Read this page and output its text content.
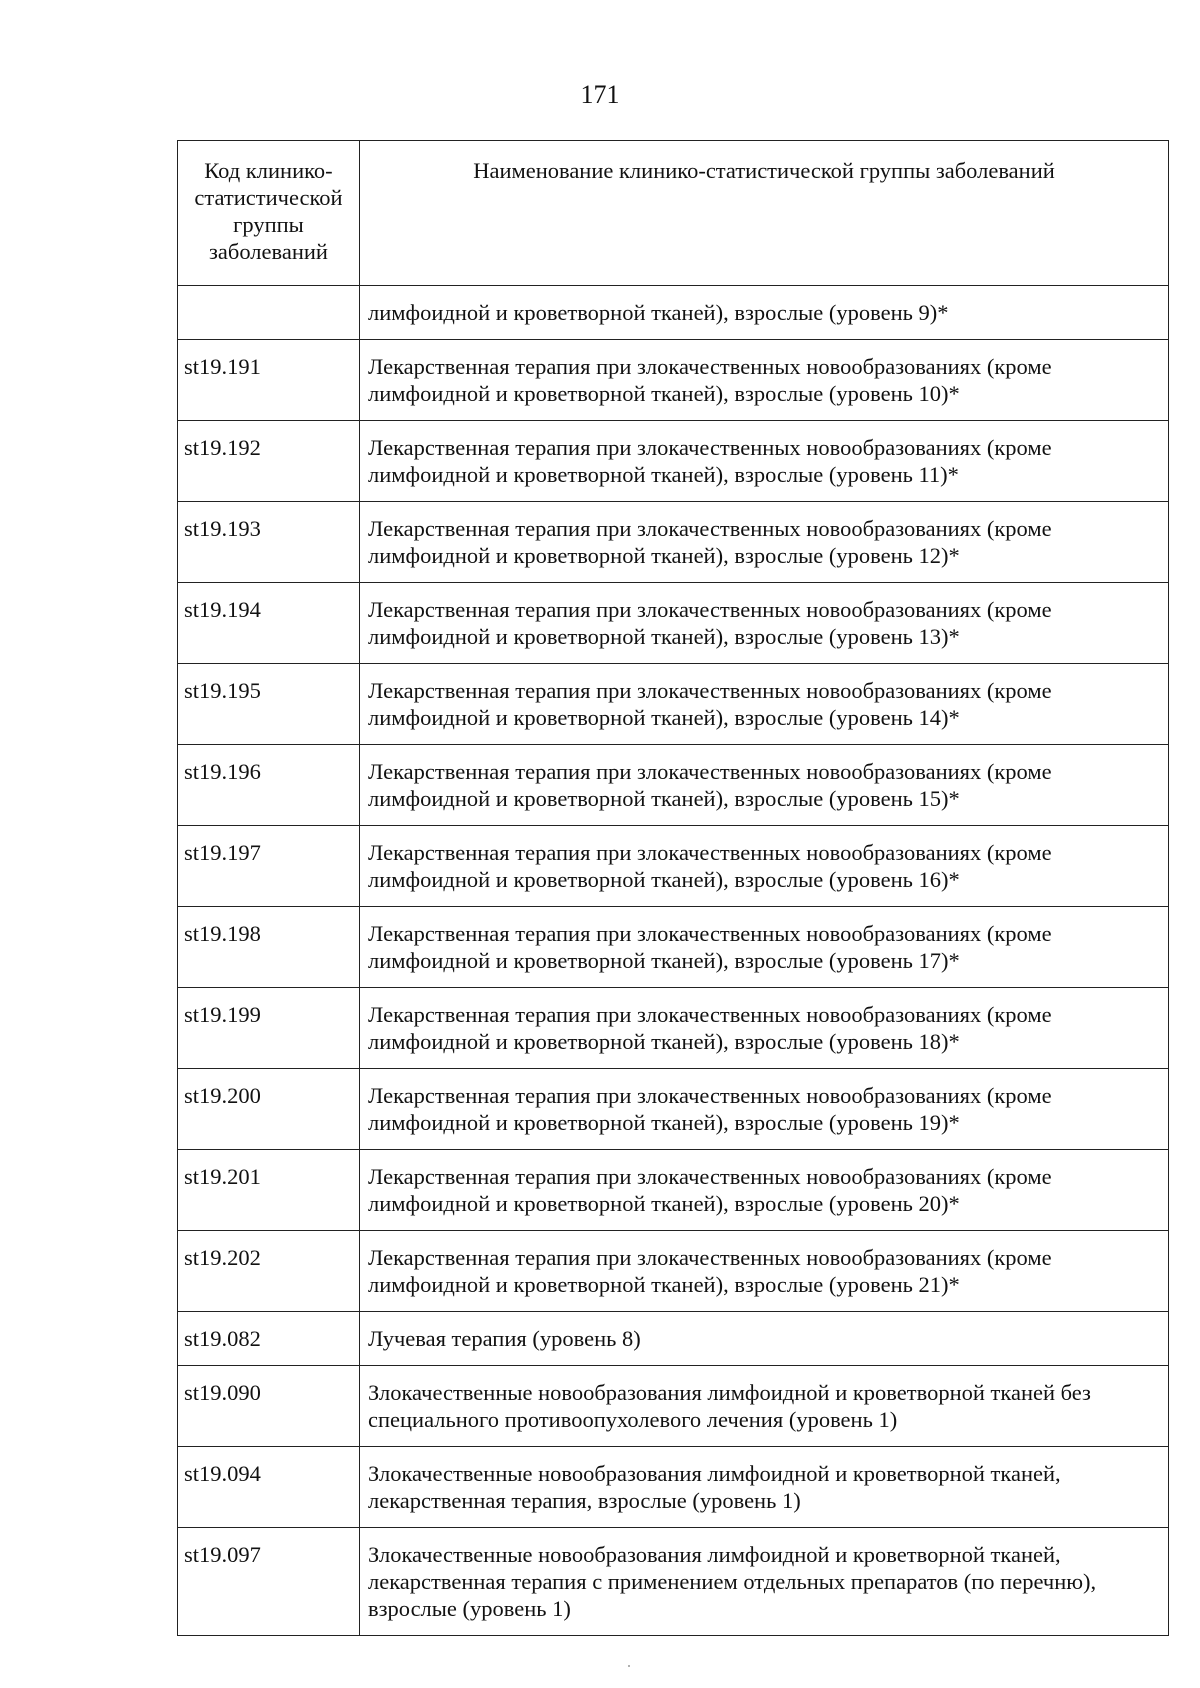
171
Код клинико-статистической группы заболеваний	Наименование клинико-статистической группы заболеваний
	лимфоидной и кроветворной тканей), взрослые (уровень 9)*
st19.191	Лекарственная терапия при злокачественных новообразованиях (кроме лимфоидной и кроветворной тканей), взрослые (уровень 10)*
st19.192	Лекарственная терапия при злокачественных новообразованиях (кроме лимфоидной и кроветворной тканей), взрослые (уровень 11)*
st19.193	Лекарственная терапия при злокачественных новообразованиях (кроме лимфоидной и кроветворной тканей), взрослые (уровень 12)*
st19.194	Лекарственная терапия при злокачественных новообразованиях (кроме лимфоидной и кроветворной тканей), взрослые (уровень 13)*
st19.195	Лекарственная терапия при злокачественных новообразованиях (кроме лимфоидной и кроветворной тканей), взрослые (уровень 14)*
st19.196	Лекарственная терапия при злокачественных новообразованиях (кроме лимфоидной и кроветворной тканей), взрослые (уровень 15)*
st19.197	Лекарственная терапия при злокачественных новообразованиях (кроме лимфоидной и кроветворной тканей), взрослые (уровень 16)*
st19.198	Лекарственная терапия при злокачественных новообразованиях (кроме лимфоидной и кроветворной тканей), взрослые (уровень 17)*
st19.199	Лекарственная терапия при злокачественных новообразованиях (кроме лимфоидной и кроветворной тканей), взрослые (уровень 18)*
st19.200	Лекарственная терапия при злокачественных новообразованиях (кроме лимфоидной и кроветворной тканей), взрослые (уровень 19)*
st19.201	Лекарственная терапия при злокачественных новообразованиях (кроме лимфоидной и кроветворной тканей), взрослые (уровень 20)*
st19.202	Лекарственная терапия при злокачественных новообразованиях (кроме лимфоидной и кроветворной тканей), взрослые (уровень 21)*
st19.082	Лучевая терапия (уровень 8)
st19.090	Злокачественные новообразования лимфоидной и кроветворной тканей без специального противоопухолевого лечения (уровень 1)
st19.094	Злокачественные новообразования лимфоидной и кроветворной тканей, лекарственная терапия, взрослые (уровень 1)
st19.097	Злокачественные новообразования лимфоидной и кроветворной тканей, лекарственная терапия с применением отдельных препаратов (по перечню), взрослые (уровень 1)
